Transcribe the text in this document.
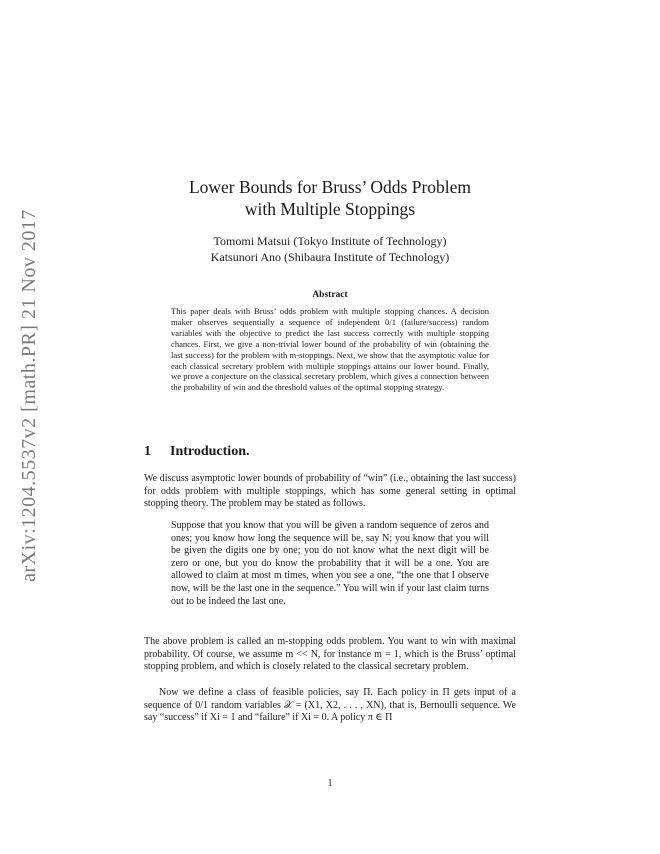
arXiv:1204.5537v2 [math.PR] 21 Nov 2017
Lower Bounds for Bruss’ Odds Problem
with Multiple Stoppings
Tomomi Matsui (Tokyo Institute of Technology)
Katsunori Ano (Shibaura Institute of Technology)
Abstract
This paper deals with Bruss’ odds problem with multiple stopping chances. A decision maker observes sequentially a sequence of independent 0/1 (failure/success) random variables with the objective to predict the last success correctly with multiple stopping chances. First, we give a non-trivial lower bound of the probability of win (obtaining the last success) for the problem with m-stoppings. Next, we show that the asymptotic value for each classical secretary problem with multiple stoppings attains our lower bound. Finally, we prove a conjecture on the classical secretary problem, which gives a connection between the probability of win and the threshold values of the optimal stopping strategy.
1 Introduction.
We discuss asymptotic lower bounds of probability of “win” (i.e., obtaining the last success) for odds problem with multiple stoppings, which has some general setting in optimal stopping theory. The problem may be stated as follows.
Suppose that you know that you will be given a random sequence of zeros and ones; you know how long the sequence will be, say N; you know that you will be given the digits one by one; you do not know what the next digit will be zero or one, but you do know the probability that it will be a one. You are allowed to claim at most m times, when you see a one, “the one that I observe now, will be the last one in the sequence.” You will win if your last claim turns out to be indeed the last one.
The above problem is called an m-stopping odds problem. You want to win with maximal probability. Of course, we assume m << N, for instance m = 1, which is the Bruss’ optimal stopping problem, and which is closely related to the classical secretary problem.
Now we define a class of feasible policies, say Π. Each policy in Π gets input of a sequence of 0/1 random variables 𝒳 = (X1, X2, . . . , XN), that is, Bernoulli sequence. We say “success” if Xi = 1 and “failure” if Xi = 0. A policy π ∈ Π
1
